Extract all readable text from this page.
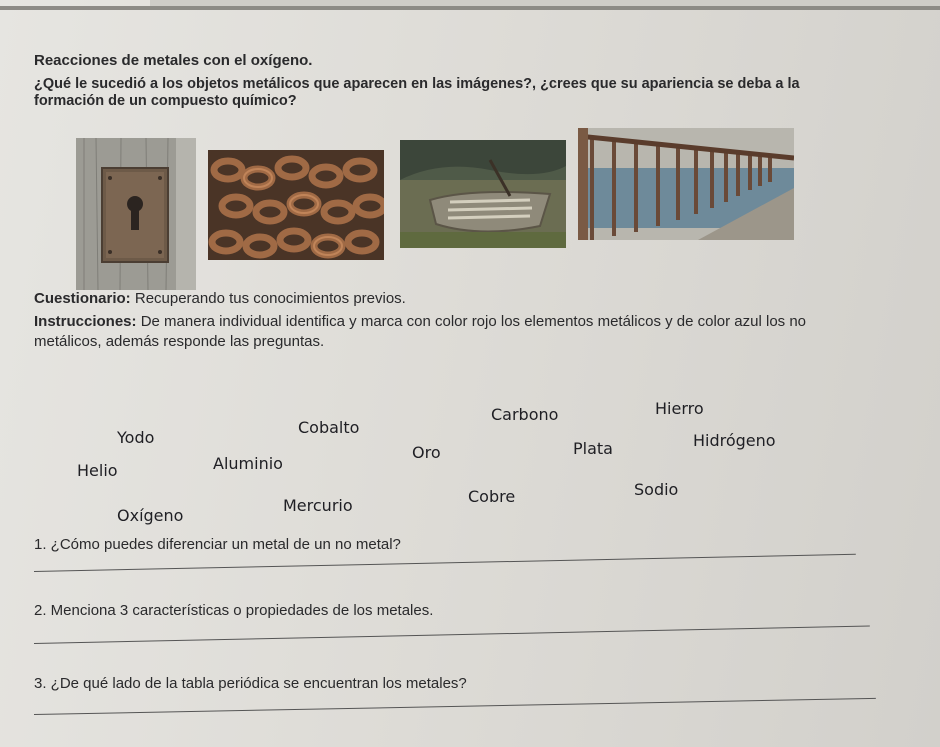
Reacciones de metales con el oxígeno.
¿Qué le sucedió a los objetos metálicos que aparecen en las imágenes?, ¿crees que su apariencia se deba a la formación de un compuesto químico?
Cuestionario: Recuperando tus conocimientos previos.
Instrucciones: De manera individual identifica y marca con color rojo los elementos metálicos y de color azul los no metálicos, además responde las preguntas.
Yodo
Cobalto
Carbono	Hierro
Helio	Aluminio
Oro	Plata	Hidrógeno
Oxígeno
Mercurio	Cobre	Sodio
1. ¿Cómo puedes diferenciar un metal de un no metal?
2. Menciona 3 características o propiedades de los metales.
3. ¿De qué lado de la tabla periódica se encuentran los metales?
